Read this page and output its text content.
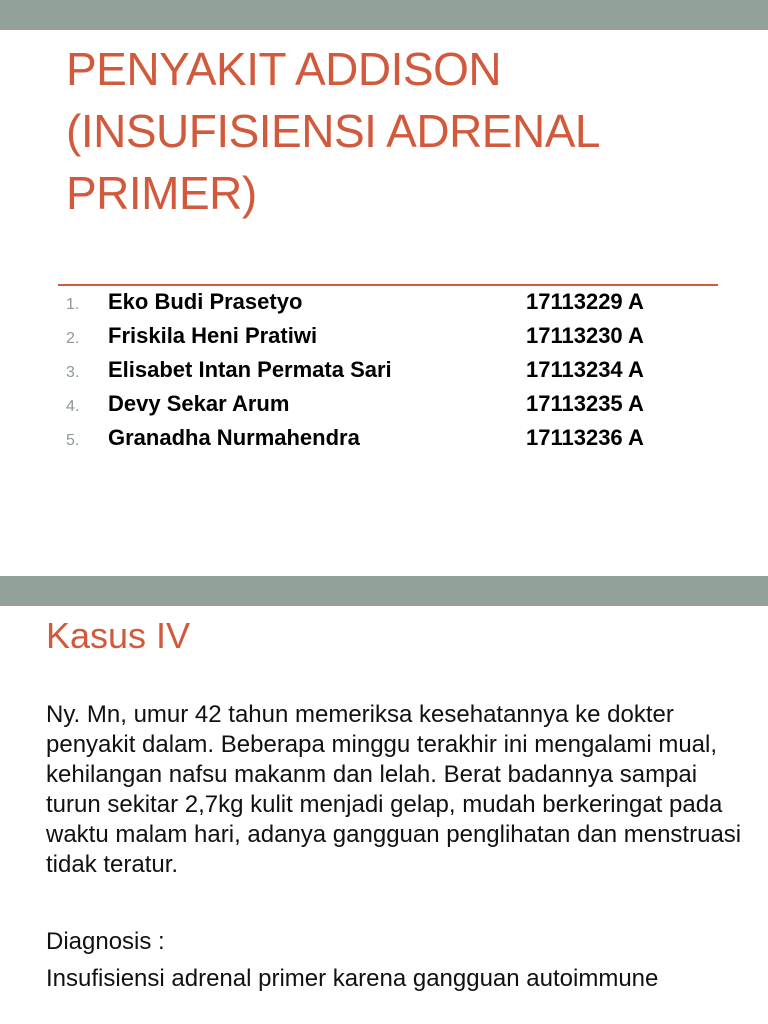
PENYAKIT ADDISON (INSUFISIENSI ADRENAL PRIMER)
1.	Eko Budi Prasetyo	17113229 A
2.	Friskila Heni Pratiwi	17113230 A
3.	Elisabet Intan Permata Sari	17113234 A
4.	Devy Sekar Arum	17113235 A
5.	Granadha Nurmahendra	17113236 A
Kasus IV

Ny. Mn, umur 42 tahun memeriksa kesehatannya ke dokter penyakit dalam. Beberapa minggu terakhir ini mengalami mual, kehilangan nafsu makanm dan lelah. Berat badannya sampai turun sekitar 2,7kg kulit menjadi gelap, mudah berkeringat pada waktu malam hari, adanya gangguan penglihatan dan menstruasi tidak teratur.

Diagnosis :

Insufisiensi adrenal primer karena gangguan autoimmune
